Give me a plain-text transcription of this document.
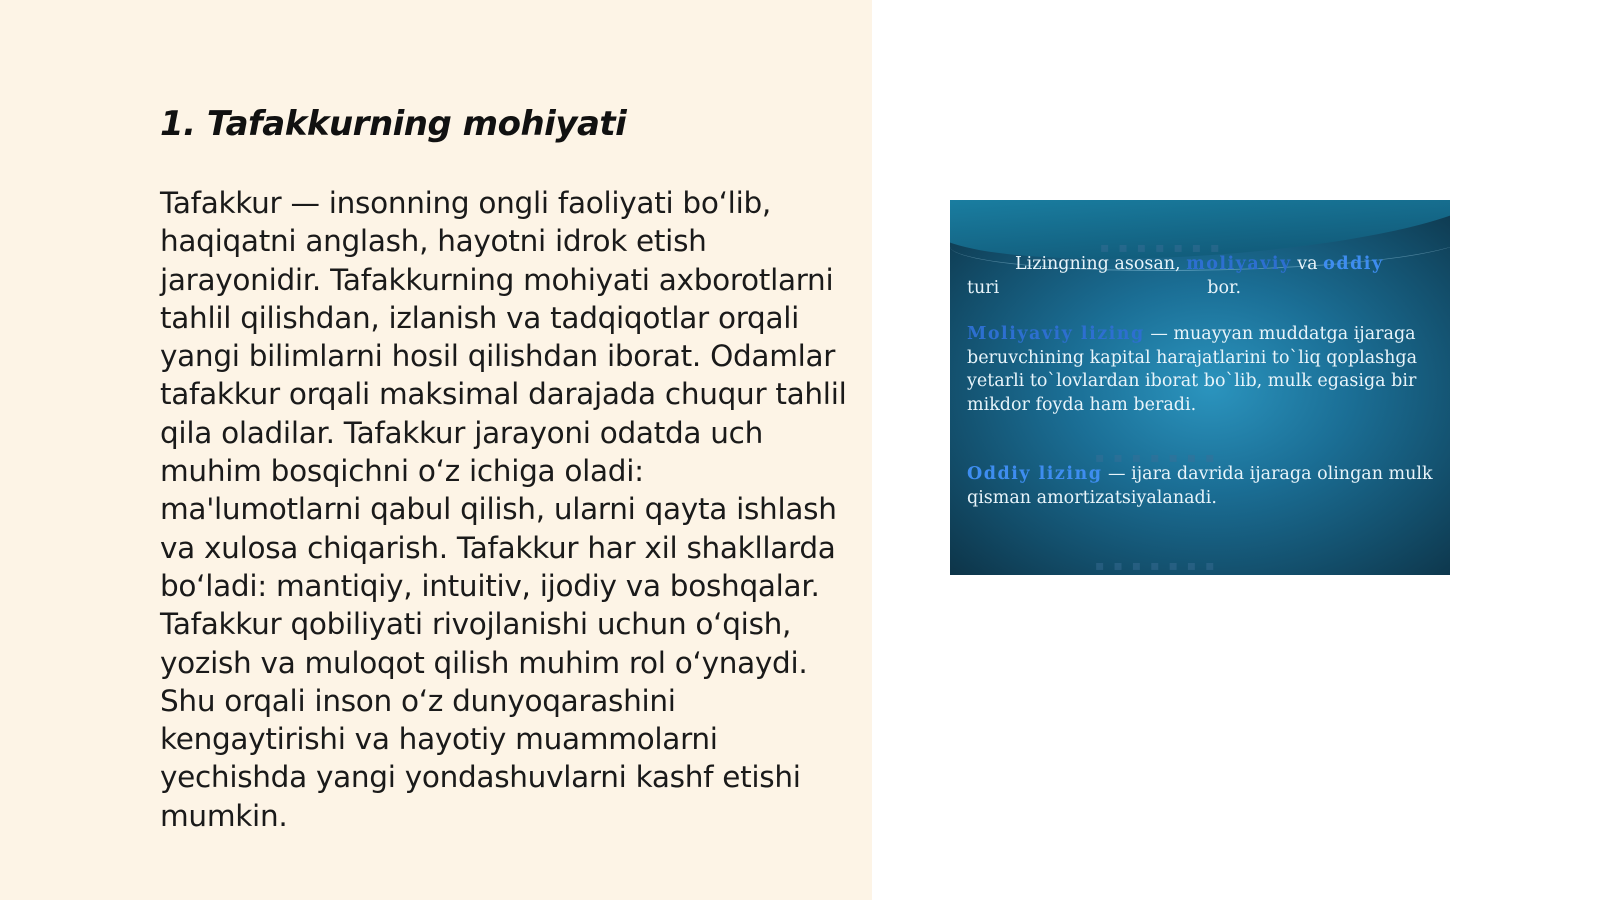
1. Tafakkurning mohiyati

Tafakkur — insonning ongli faoliyati bo‘lib, haqiqatni anglash, hayotni idrok etish jarayonidir. Tafakkurning mohiyati axborotlarni tahlil qilishdan, izlanish va tadqiqotlar orqali yangi bilimlarni hosil qilishdan iborat. Odamlar tafakkur orqali maksimal darajada chuqur tahlil qila oladilar. Tafakkur jarayoni odatda uch muhim bosqichni o‘z ichiga oladi: ma'lumotlarni qabul qilish, ularni qayta ishlash va xulosa chiqarish. Tafakkur har xil shakllarda bo‘ladi: mantiqiy, intuitiv, ijodiy va boshqalar. Tafakkur qobiliyati rivojlanishi uchun o‘qish, yozish va muloqot qilish muhim rol o‘ynaydi. Shu orqali inson o‘z dunyoqarashini kengaytirishi va hayotiy muammolarni yechishda yangi yondashuvlarni kashf etishi mumkin.

▪ ▪ ▪ ▪ ▪ ▪ ▪
▪ ▪ ▪ ▪ ▪ ▪ ▪
▪ ▪ ▪ ▪ ▪ ▪ ▪
Lizingning asosan, moliyaviy va oddiy
turi	bor.
Moliyaviy lizing — muayyan muddatga ijaraga beruvchining kapital harajatlarini to`liq qoplashga yetarli to`lovlardan iborat bo`lib, mulk egasiga bir mikdor foyda ham beradi.
Oddiy lizing — ijara davrida ijaraga olingan mulk qisman amortizatsiyalanadi.
